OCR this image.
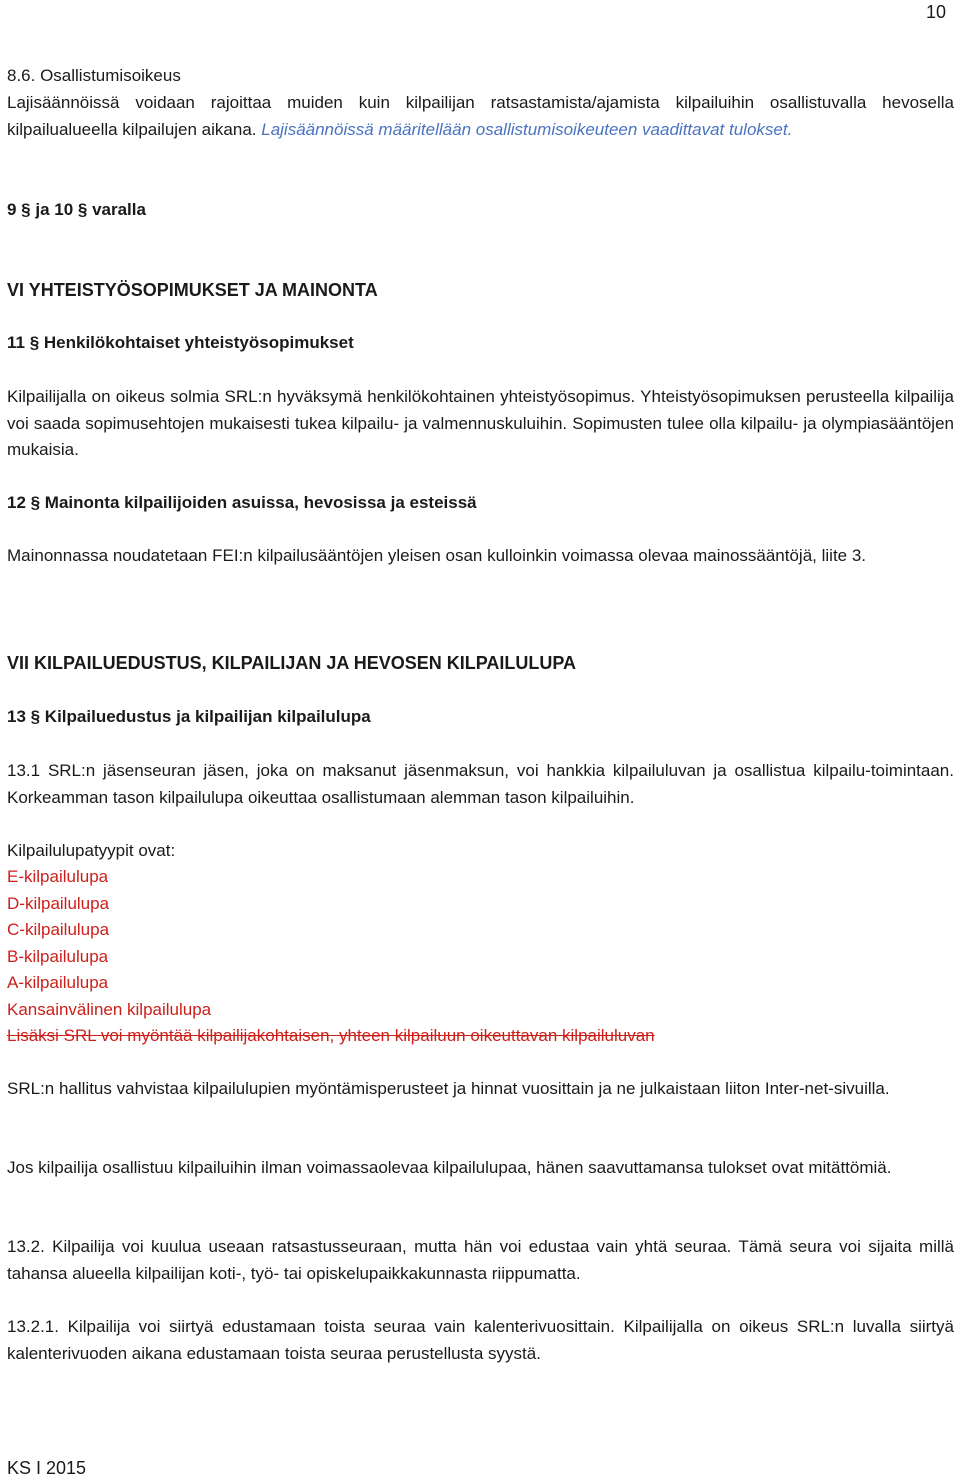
10
8.6. Osallistumisoikeus

Lajisäännöissä voidaan rajoittaa muiden kuin kilpailijan ratsastamista/ajamista kilpailuihin osallistuvalla hevosella kilpailualueella kilpailujen aikana. Lajisäännöissä määritellään osallistumisoikeuteen vaadittavat tulokset.

9 § ja 10 § varalla
VI YHTEISTYÖSOPIMUKSET JA MAINONTA
11 § Henkilökohtaiset yhteistyösopimukset

Kilpailijalla on oikeus solmia SRL:n hyväksymä henkilökohtainen yhteistyösopimus. Yhteistyösopimuksen perusteella kilpailija voi saada sopimusehtojen mukaisesti tukea kilpailu- ja valmennuskuluihin. Sopimusten tulee olla kilpailu- ja olympiasääntöjen mukaisia.

12 § Mainonta kilpailijoiden asuissa, hevosissa ja esteissä

Mainonnassa noudatetaan FEI:n kilpailusääntöjen yleisen osan kulloinkin voimassa olevaa mainossääntöjä, liite 3.

VII KILPAILUEDUSTUS, KILPAILIJAN JA HEVOSEN KILPAILULUPA
13 § Kilpailuedustus ja kilpailijan kilpailulupa

13.1 SRL:n jäsenseuran jäsen, joka on maksanut jäsenmaksun, voi hankkia kilpailuluvan ja osallistua kilpailu-toimintaan. Korkeamman tason kilpailulupa oikeuttaa osallistumaan alemman tason kilpailuihin.

Kilpailulupatyypit ovat:
E-kilpailulupa
D-kilpailulupa
C-kilpailulupa
B-kilpailulupa
A-kilpailulupa
Kansainvälinen kilpailulupa
Lisäksi SRL voi myöntää kilpailijakohtaisen, yhteen kilpailuun oikeuttavan kilpailuluvan

SRL:n hallitus vahvistaa kilpailulupien myöntämisperusteet ja hinnat vuosittain ja ne julkaistaan liiton Inter-net-sivuilla.

Jos kilpailija osallistuu kilpailuihin ilman voimassaolevaa kilpailulupaa, hänen saavuttamansa tulokset ovat mitättömiä.

13.2. Kilpailija voi kuulua useaan ratsastusseuraan, mutta hän voi edustaa vain yhtä seuraa. Tämä seura voi sijaita millä tahansa alueella kilpailijan koti-, työ- tai opiskelupaikkakunnasta riippumatta.

13.2.1. Kilpailija voi siirtyä edustamaan toista seuraa vain kalenterivuosittain. Kilpailijalla on oikeus SRL:n luvalla siirtyä kalenterivuoden aikana edustamaan toista seuraa perustellusta syystä.

KS I 2015
